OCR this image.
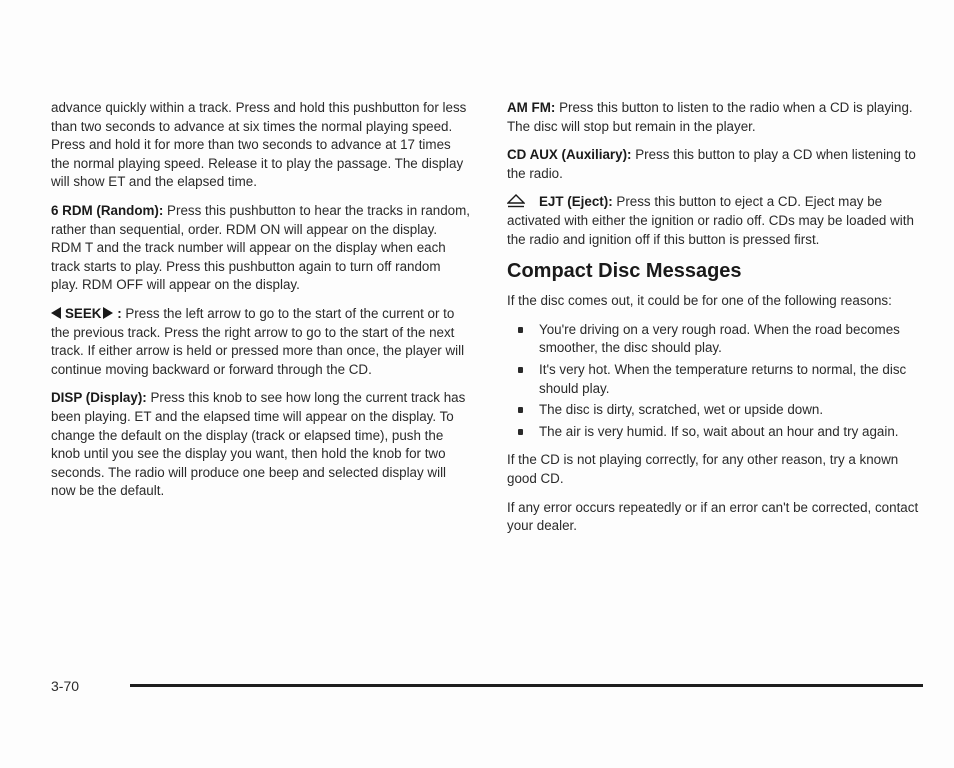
advance quickly within a track. Press and hold this pushbutton for less than two seconds to advance at six times the normal playing speed. Press and hold it for more than two seconds to advance at 17 times the normal playing speed. Release it to play the passage. The display will show ET and the elapsed time.

6 RDM (Random): Press this pushbutton to hear the tracks in random, rather than sequential, order. RDM ON will appear on the display. RDM T and the track number will appear on the display when each track starts to play. Press this pushbutton again to turn off random play. RDM OFF will appear on the display.

SEEK : Press the left arrow to go to the start of the current or to the previous track. Press the right arrow to go to the start of the next track. If either arrow is held or pressed more than once, the player will continue moving backward or forward through the CD.

DISP (Display): Press this knob to see how long the current track has been playing. ET and the elapsed time will appear on the display. To change the default on the display (track or elapsed time), push the knob until you see the display you want, then hold the knob for two seconds. The radio will produce one beep and selected display will now be the default.

AM FM: Press this button to listen to the radio when a CD is playing. The disc will stop but remain in the player.

CD AUX (Auxiliary): Press this button to play a CD when listening to the radio.

EJT (Eject): Press this button to eject a CD. Eject may be activated with either the ignition or radio off. CDs may be loaded with the radio and ignition off if this button is pressed first.

Compact Disc Messages

If the disc comes out, it could be for one of the following reasons:

You're driving on a very rough road. When the road becomes smoother, the disc should play.
It's very hot. When the temperature returns to normal, the disc should play.
The disc is dirty, scratched, wet or upside down.
The air is very humid. If so, wait about an hour and try again.

If the CD is not playing correctly, for any other reason, try a known good CD.

If any error occurs repeatedly or if an error can't be corrected, contact your dealer.

3-70
